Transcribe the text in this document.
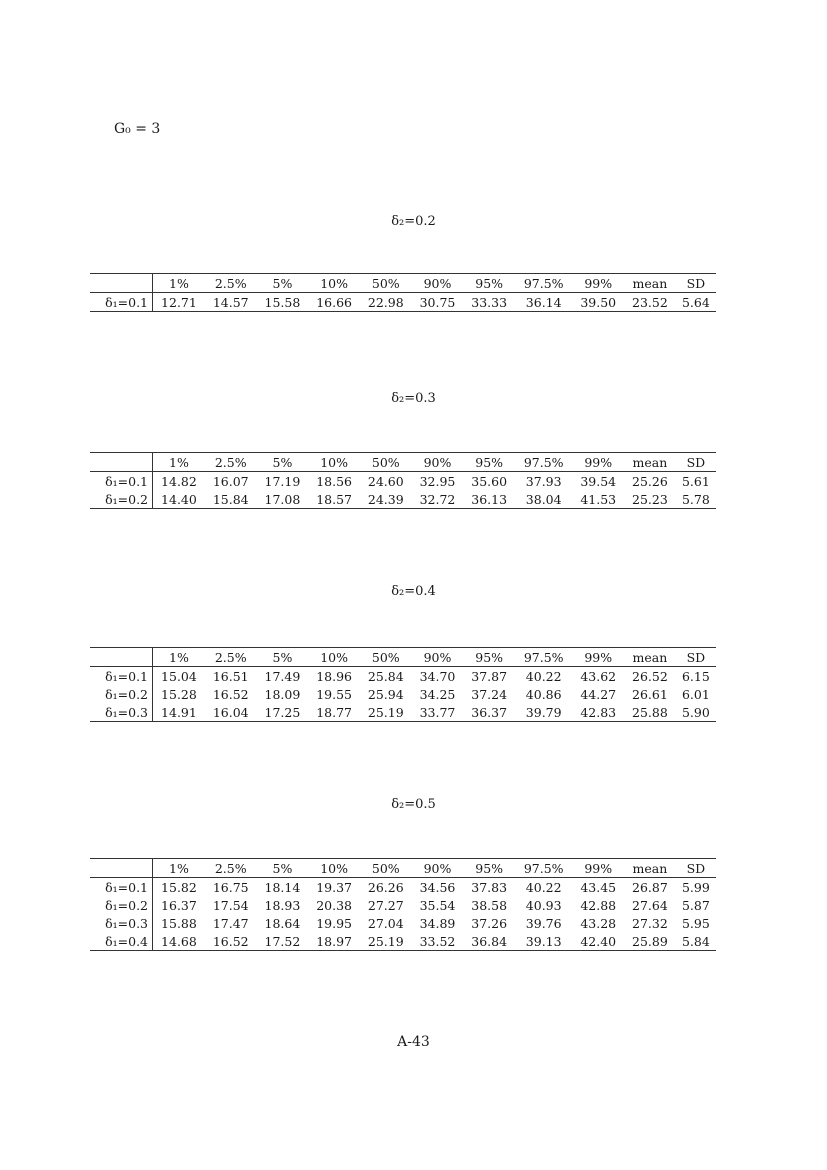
G₀ = 3
δ₂=0.2
	1%	2.5%	5%	10%	50%	90%	95%	97.5%	99%	mean	SD
δ₁=0.1	12.71	14.57	15.58	16.66	22.98	30.75	33.33	36.14	39.50	23.52	5.64
δ₂=0.3
	1%	2.5%	5%	10%	50%	90%	95%	97.5%	99%	mean	SD
δ₁=0.1	14.82	16.07	17.19	18.56	24.60	32.95	35.60	37.93	39.54	25.26	5.61
δ₁=0.2	14.40	15.84	17.08	18.57	24.39	32.72	36.13	38.04	41.53	25.23	5.78
δ₂=0.4
	1%	2.5%	5%	10%	50%	90%	95%	97.5%	99%	mean	SD
δ₁=0.1	15.04	16.51	17.49	18.96	25.84	34.70	37.87	40.22	43.62	26.52	6.15
δ₁=0.2	15.28	16.52	18.09	19.55	25.94	34.25	37.24	40.86	44.27	26.61	6.01
δ₁=0.3	14.91	16.04	17.25	18.77	25.19	33.77	36.37	39.79	42.83	25.88	5.90
δ₂=0.5
	1%	2.5%	5%	10%	50%	90%	95%	97.5%	99%	mean	SD
δ₁=0.1	15.82	16.75	18.14	19.37	26.26	34.56	37.83	40.22	43.45	26.87	5.99
δ₁=0.2	16.37	17.54	18.93	20.38	27.27	35.54	38.58	40.93	42.88	27.64	5.87
δ₁=0.3	15.88	17.47	18.64	19.95	27.04	34.89	37.26	39.76	43.28	27.32	5.95
δ₁=0.4	14.68	16.52	17.52	18.97	25.19	33.52	36.84	39.13	42.40	25.89	5.84
A-43
